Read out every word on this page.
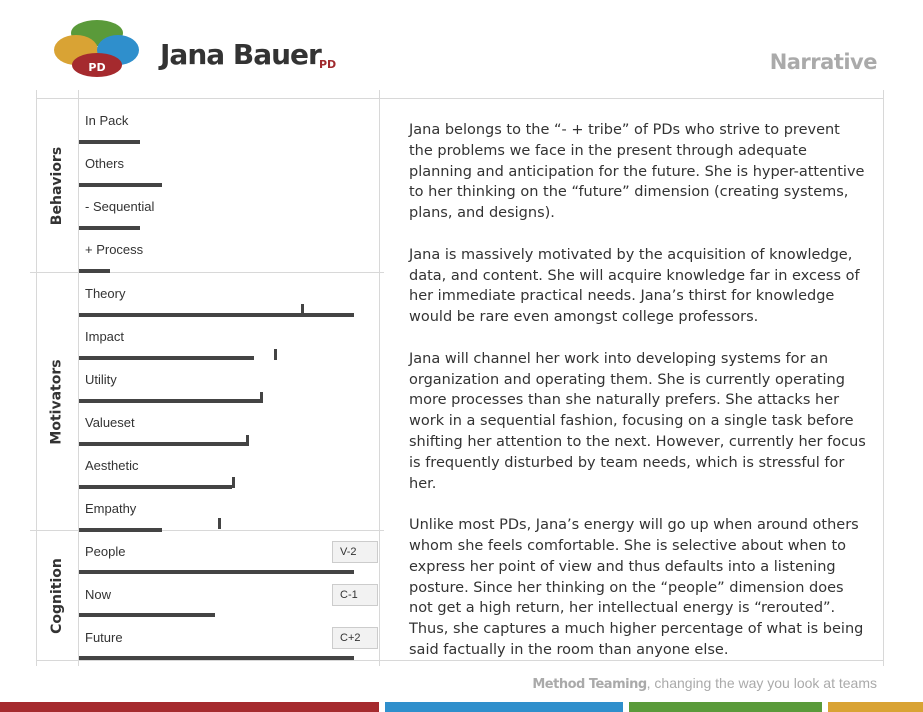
PD Jana Bauer
PD	Narrative
Behaviors
Motivators
Cognition
In Pack
Others
- Sequential
+ Process
Theory
Impact
Utility
Valueset
Aesthetic
Empathy
People
Now
Future
V-2
C-1
C+2

Jana belongs to the “- + tribe” of PDs who strive to prevent the problems we face in the present through adequate planning and anticipation for the future. She is hyper-attentive to her thinking on the “future” dimension (creating systems, plans, and designs).

Jana is massively motivated by the acquisition of knowledge, data, and content. She will acquire knowledge far in excess of her immediate practical needs. Jana’s thirst for knowledge would be rare even amongst college professors.

Jana will channel her work into developing systems for an organization and operating them. She is currently operating more processes than she naturally prefers. She attacks her work in a sequential fashion, focusing on a single task before shifting her attention to the next. However, currently her focus is frequently disturbed by team needs, which is stressful for her.

Unlike most PDs, Jana’s energy will go up when around others whom she feels comfortable. She is selective about when to express her point of view and thus defaults into a listening posture. Since her thinking on the “people” dimension does not get a high return, her intellectual energy is “rerouted”. Thus, she captures a much higher percentage of what is being said factually in the room than anyone else.

Method Teaming, changing the way you look at teams
